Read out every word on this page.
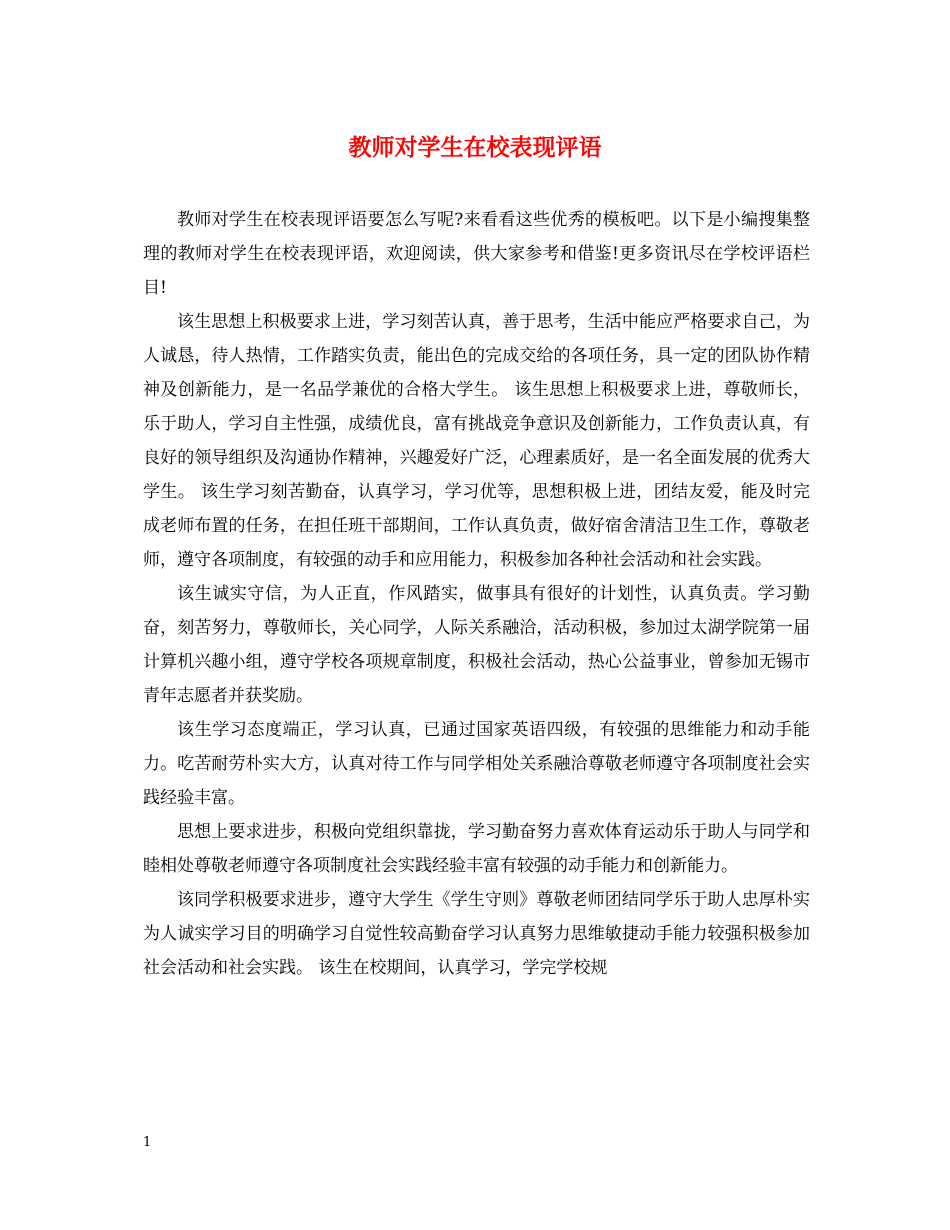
教师对学生在校表现评语

教师对学生在校表现评语要怎么写呢?来看看这些优秀的模板吧。以下是小编搜集整理的教师对学生在校表现评语，欢迎阅读，供大家参考和借鉴!更多资讯尽在学校评语栏目!

该生思想上积极要求上进，学习刻苦认真，善于思考，生活中能应严格要求自己，为人诚恳，待人热情，工作踏实负责，能出色的完成交给的各项任务，具一定的团队协作精神及创新能力，是一名品学兼优的合格大学生。 该生思想上积极要求上进，尊敬师长，乐于助人，学习自主性强，成绩优良，富有挑战竞争意识及创新能力，工作负责认真，有良好的领导组织及沟通协作精神，兴趣爱好广泛，心理素质好，是一名全面发展的优秀大学生。 该生学习刻苦勤奋，认真学习，学习优等，思想积极上进，团结友爱，能及时完成老师布置的任务，在担任班干部期间，工作认真负责，做好宿舍清洁卫生工作，尊敬老师，遵守各项制度，有较强的动手和应用能力，积极参加各种社会活动和社会实践。

该生诚实守信，为人正直，作风踏实，做事具有很好的计划性，认真负责。学习勤奋，刻苦努力，尊敬师长，关心同学，人际关系融洽，活动积极，参加过太湖学院第一届计算机兴趣小组，遵守学校各项规章制度，积极社会活动，热心公益事业，曾参加无锡市青年志愿者并获奖励。

该生学习态度端正，学习认真，已通过国家英语四级，有较强的思维能力和动手能力。吃苦耐劳朴实大方，认真对待工作与同学相处关系融洽尊敬老师遵守各项制度社会实践经验丰富。

思想上要求进步，积极向党组织靠拢，学习勤奋努力喜欢体育运动乐于助人与同学和睦相处尊敬老师遵守各项制度社会实践经验丰富有较强的动手能力和创新能力。

该同学积极要求进步，遵守大学生《学生守则》尊敬老师团结同学乐于助人忠厚朴实为人诚实学习目的明确学习自觉性较高勤奋学习认真努力思维敏捷动手能力较强积极参加社会活动和社会实践。 该生在校期间，认真学习，学完学校规

1
